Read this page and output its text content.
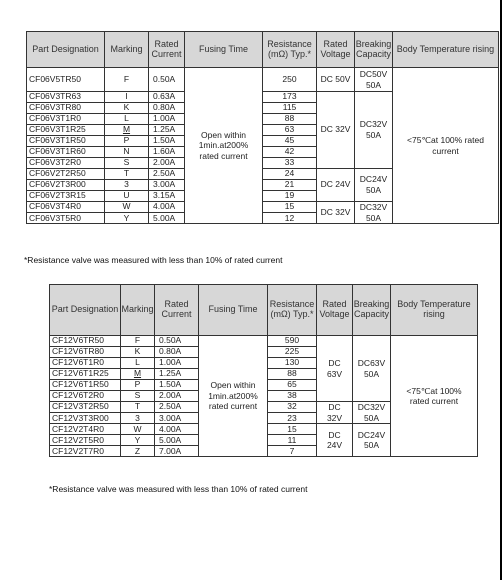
Part Designation	Marking	Rated Current	Fusing Time	Resistance (mΩ) Typ.*	Rated Voltage	Breaking Capacity	Body Temperature rising
CF06V5TR50	F	0.50A	Open within 1min.at200% rated current	250	DC 50V	DC50V 50A	<75℃at 100% rated current
CF06V3TR63	I	0.63A		173	DC 32V	DC32V 50A	
CF06V3TR80	K	0.80A		115			
CF06V3T1R0	L	1.00A		88			
CF06V3T1R25	M	1.25A		63			
CF06V3T1R50	P	1.50A		45			
CF06V3T1R60	N	1.60A		42			
CF06V3T2R0	S	2.00A		33			
CF06V2T2R50	T	2.50A		24	DC 24V	DC24V 50A	
CF06V2T3R00	3	3.00A		21			
CF06V2T3R15	U	3.15A		19			
CF06V3T4R0	W	4.00A		15	DC 32V	DC32V 50A	
CF06V3T5R0	Y	5.00A		12			
*Resistance valve was measured with less than 10% of rated current
Part Designation	Marking	Rated Current	Fusing Time	Resistance (mΩ) Typ.*	Rated Voltage	Breaking Capacity	Body Temperature rising
CF12V6TR50	F	0.50A	Open within 1min.at200% rated current	590	DC 63V	DC63V 50A	<75℃at 100% rated current
CF12V6TR80	K	0.80A		225			
CF12V6T1R0	L	1.00A		130			
CF12V6T1R25	M	1.25A		88			
CF12V6T1R50	P	1.50A		65			
CF12V6T2R0	S	2.00A		38			
CF12V3T2R50	T	2.50A		32	DC 32V	DC32V 50A	
CF12V3T3R00	3	3.00A		23			
CF12V2T4R0	W	4.00A		15	DC 24V	DC24V 50A	
CF12V2T5R0	Y	5.00A		11			
CF12V2T7R0	Z	7.00A		7			
*Resistance valve was measured with less than 10% of rated current
